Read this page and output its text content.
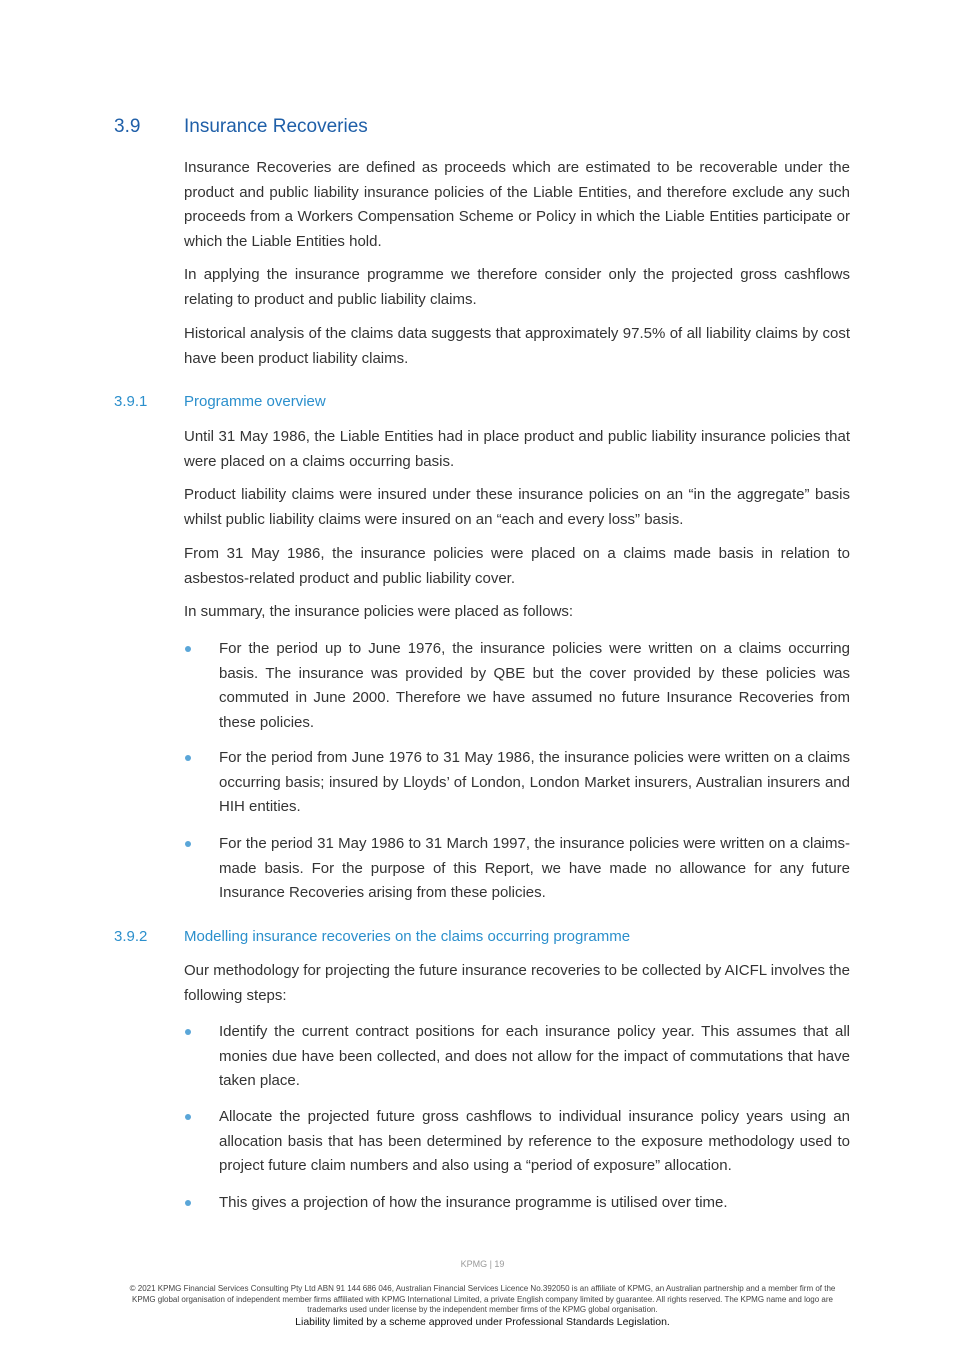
3.9	Insurance Recoveries
Insurance Recoveries are defined as proceeds which are estimated to be recoverable under the product and public liability insurance policies of the Liable Entities, and therefore exclude any such proceeds from a Workers Compensation Scheme or Policy in which the Liable Entities participate or which the Liable Entities hold.
In applying the insurance programme we therefore consider only the projected gross cashflows relating to product and public liability claims.
Historical analysis of the claims data suggests that approximately 97.5% of all liability claims by cost have been product liability claims.
3.9.1	Programme overview
Until 31 May 1986, the Liable Entities had in place product and public liability insurance policies that were placed on a claims occurring basis.
Product liability claims were insured under these insurance policies on an “in the aggregate” basis whilst public liability claims were insured on an “each and every loss” basis.
From 31 May 1986, the insurance policies were placed on a claims made basis in relation to asbestos-related product and public liability cover.
In summary, the insurance policies were placed as follows:
For the period up to June 1976, the insurance policies were written on a claims occurring basis. The insurance was provided by QBE but the cover provided by these policies was commuted in June 2000. Therefore we have assumed no future Insurance Recoveries from these policies.
For the period from June 1976 to 31 May 1986, the insurance policies were written on a claims occurring basis; insured by Lloyds’ of London, London Market insurers, Australian insurers and HIH entities.
For the period 31 May 1986 to 31 March 1997, the insurance policies were written on a claims-made basis. For the purpose of this Report, we have made no allowance for any future Insurance Recoveries arising from these policies.
3.9.2	Modelling insurance recoveries on the claims occurring programme
Our methodology for projecting the future insurance recoveries to be collected by AICFL involves the following steps:
Identify the current contract positions for each insurance policy year. This assumes that all monies due have been collected, and does not allow for the impact of commutations that have taken place.
Allocate the projected future gross cashflows to individual insurance policy years using an allocation basis that has been determined by reference to the exposure methodology used to project future claim numbers and also using a “period of exposure” allocation.
This gives a projection of how the insurance programme is utilised over time.
KPMG | 19
© 2021 KPMG Financial Services Consulting Pty Ltd ABN 91 144 686 046, Australian Financial Services Licence No.392050 is an affiliate of KPMG, an Australian partnership and a member firm of the KPMG global organisation of independent member firms affiliated with KPMG International Limited, a private English company limited by guarantee. All rights reserved. The KPMG name and logo are trademarks used under license by the independent member firms of the KPMG global organisation.
Liability limited by a scheme approved under Professional Standards Legislation.
